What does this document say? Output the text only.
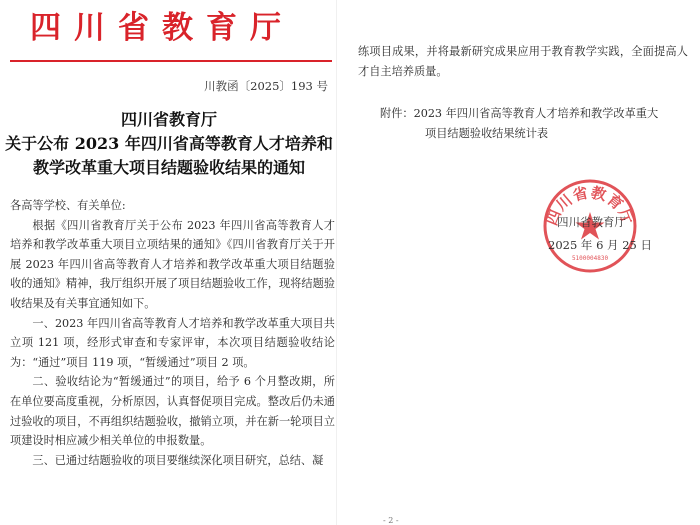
四川省教育厅
川教函〔2025〕193 号
四川省教育厅
关于公布 2023 年四川省高等教育人才培养和
教学改革重大项目结题验收结果的通知

各高等学校、有关单位:

根据《四川省教育厅关于公布 2023 年四川省高等教育人才培养和教学改革重大项目立项结果的通知》《四川省教育厅关于开展 2023 年四川省高等教育人才培养和教学改革重大项目结题验收的通知》精神，我厅组织开展了项目结题验收工作，现将结题验收结果及有关事宜通知如下。

一、2023 年四川省高等教育人才培养和教学改革重大项目共立项 121 项，经形式审查和专家评审，本次项目结题验收结论为：“通过”项目 119 项，“暂缓通过”项目 2 项。

二、验收结论为“暂缓通过”的项目，给予 6 个月整改期，所在单位要高度重视，分析原因，认真督促项目完成。整改后仍未通过验收的项目，不再组织结题验收，撤销立项，并在新一轮项目立项建设时相应减少相关单位的申报数量。

三、已通过结题验收的项目要继续深化项目研究，总结、凝

练项目成果，并将最新研究成果应用于教育教学实践，全面提高人才自主培养质量。

附件：2023 年四川省高等教育人才培养和教学改革重大
项目结题验收结果统计表
四川省教育厅
5100004830
四川省教育厅
2025 年 6 月 25 日
- 2 -
